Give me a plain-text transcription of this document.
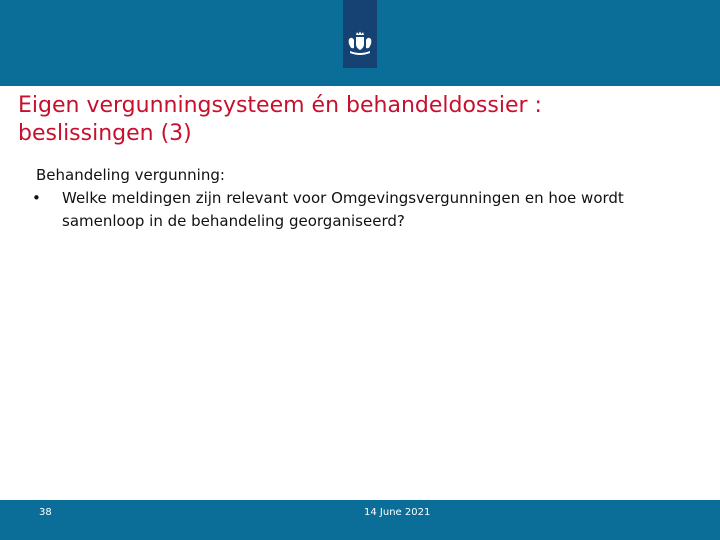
Eigen vergunningsysteem én behandeldossier :
beslissingen (3)
Behandeling vergunning:
• Welke meldingen zijn relevant voor Omgevingsvergunningen en hoe wordt samenloop in de behandeling georganiseerd?
38	14 June 2021
